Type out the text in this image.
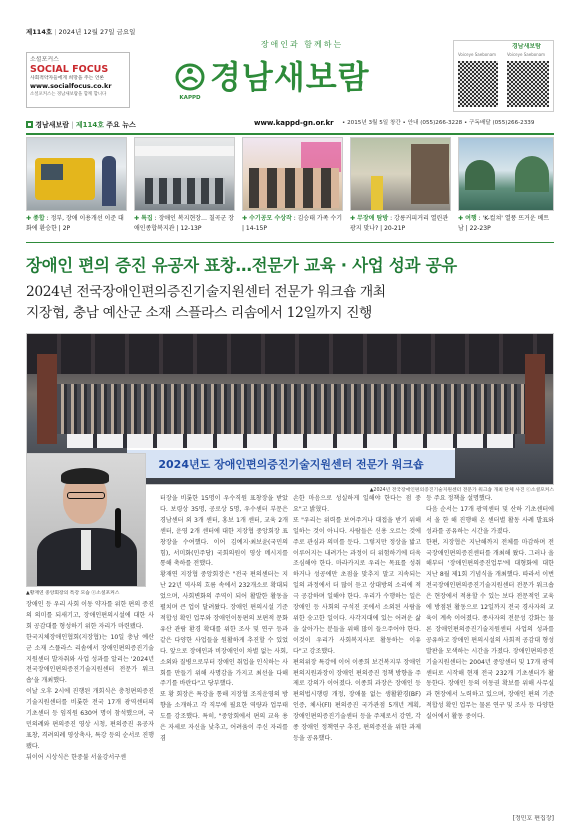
제114호 | 2024년 12월 27일 금요일
소셜포커스
SOCIAL FOCUS
사회적약자들에게 희망을 주는 언론
www.socialfocus.co.kr
소셜포커스는 경남새보람을 함께 합니다
장애인과 함께하는
KAPPD
경남새보람
경남새보람
Voiceye Saebonam	Voiceye Saebonam
www.kappd-gn.or.kr • 2015년 3월 5일 창간 • 안내 (055)266-3228 • 구독배달 (055)266-2339
경남새보람 | 제114호 주요 뉴스
✚ 종합 : 정부, 장애 이용개선 이준 대화에 환승한 | 2P
✚ 특집 : 장애인 복지현장… 칠곡군 장애인종합복지관 | 12-13P
✚ 수기공모 수상작 : 김승태 가족 수기 | 14-15P
✚ 무장애 탐방 : 강릉커피거리 열린관광지 맞나? | 20-21P
✚ 여행 : 'K-컬쳐' 열풍 뜨거운 베트남 | 22-23P
장애인 편의 증진 유공자 표창…전문가 교육 · 사업 성과 공유
2024년 전국장애인편의증진기술지원센터 전문가 워크숍 개최
지장협, 충남 예산군 소재 스플라스 리솜에서 12일까지 진행
2024년도 장애인편의증진기술지원센터 전문가 워크숍
▲2024년 전국장애인편의증진기술지원센터 전문가 워크숍 개최 단체 사진 ⓒ소셜포커스
▲황재연 중앙회장의 특강 모습 ⓒ소셜포커스

장애인 등 우리 사회 이동 약자를 위한 편의 증진의 의미를 되새기고, 장애인편의시설에 대한 사회 공감대를 형성하기 위한 자리가 마련됐다.
한국지체장애인협회(지장협)는 10일 충남 예산군 소재 스플라스 리솜에서 장애인편의증진기술지원센터 발자취와 사업 성과를 알리는 '2024년 전국장애인편의증진기술지원센터 전문가 워크숍'을 개최했다.
이날 오후 2시에 진행된 개회식은 충청편의증진기술지원센터를 비롯한 전국 17개 광역센터의 기초센터 등 임직원 630여 명이 참석했으며, 국민의례와 편의증진 영상 시청, 편의증진 유공자 표창, 격려의례 영상축사, 특강 등의 순서로 진행됐다.
뒤이어 시상식은 한중불 서울강서구센

터장을 비롯한 15명이 우수직원 표창장을 받았다. 보령상 35명, 공로상 5명, 우수센터 부문은 경남센터 외 3개 센터, 홍보 1개 센터, 교육 2개 센터, 운영 2개 센터에 대한 지장협 중앙회장 표창장을 수여했다. 이어 김예지·최보윤(국민의힘), 서미화(민주당) 국회의원이 영상 메시지를 통해 축하를 전했다.
황재연 지장협 중앙회장은 "전국 편의센터는 지난 22년 역사의 흐름 속에서 232개소로 확대되었으며, 사회변화의 주역이 되어 활발한 활동을 펼치며 큰 업이 달려왔다. 장애인 편의시설 기준적합성 확인 업무와 장애인이동편의 보편적 문화유산 관람 환경 확대를 위한 조사 및 연구 등과 같은 다양한 사업들을 원활하게 추진할 수 있었다. 앞으로 장애인과 비장애인이 차별 없는 사회, 소외와 질병으로부터 장애인 취업을 인식하는 사회를 만들기 위해 사명감을 가지고 최선을 다해주기를 바란다"고 당부했다.
또 황 회장은 특강을 통해 지장협 조직운영의 방향을 소개하고 각 직무에 필요한 역량과 업무태도를 강조했다. 특히, "중앙회에서 편의 교육 용은 자세로 자신을 낮추고, 어려움이 주신 자리를 겸

손한 마음으로 성실하게 일해야 한다는 점 중요"고 밝혔다.
또 "우리는 위력를 보여주거나 대접을 받기 위해 일하는 것이 아니다. 사람들은 신용 오르는 것에 주로 관심과 의미를 둔다. 그렇지만 정상을 밟고 이루어지는 내려가는 과정이 더 위험하기에 더욱 조심해야 한다. 마라카지로 우리는 목표를 성취하거나 성공에만 초점을 맞추지 말고 지속되는 일의 과정에서 더 많이 듣고 상대방의 소리에 적극 공감하며 일해야 한다. 우리가 수행하는 일은 장애인 등 사회의 구석진 곳에서 소외된 사람을 위한 숭고한 일이다. 사각지대에 있는 어려운 삶을 살아가는 분들을 위해 많이 들으주어야 한다. 이것이 우리가 사회복지사로 활동하는 이유다"고 강조했다.
편의위장 특강에 이어 이종희 보건복지부 장애인편의지원과장이 장애인 편의증진 정책 방향을 주제로 강의가 이어졌다. 이종희 과장은 장애인 등 편의법시행령 개정, 장애물 없는 생활환경(BF) 인증, 체사(Fl) 편의증진 국가관점 5개년 계획, 장애인편의증진기술센터 등을 주제로서 강연, 각종 장애인 정책연구 추진, 편의증진을 위한 과제 등을 공유했다.

등 주요 정책을 설명했다.
다음 순서는 17개 광역센터 및 산하 기초센터에서 올 한 해 진행해 온 센터별 활동 사례 발표와 성과를 공유하는 시간을 가졌다.
한편, 지장협은 지난해까지 전체를 마감하며 전국장애인편의증진센터를 개최해 왔다. 그러나 올해부터 '장애인편의증진업무'에 대형화에 대한 지난 8월 제1회 기념식을 개최했다. 따라서 이번 전국장애인편의증진기술지원센터 전문가 워크숍은 현장에서 적용할 수 있는 보다 전문적인 교육에 방점된 활동으로 12일까지 전국 경사자의 교육이 계속 이어졌다. 종사자의 전문성 강화는 물론 장애인편의증진기술지원센터 사업의 성과를 공유하고 장애인 편의시설의 사회적 공감대 형성 발판을 모색하는 시간을 가졌다. 장애인편의증진기술지원센터는 2004년 중앙센터 및 17개 광역센터로 시작해 현재 전국 232개 기초센터가 활동한다. 장애인 등의 이동권 확보를 위해 사무실과 현장에서 노력하고 있으며, 장애인 편의 기준 적합성 확인 업무는 물론 연구 및 조사 등 다양한 실어에서 활동 중이다.

[정민호 편집장]
